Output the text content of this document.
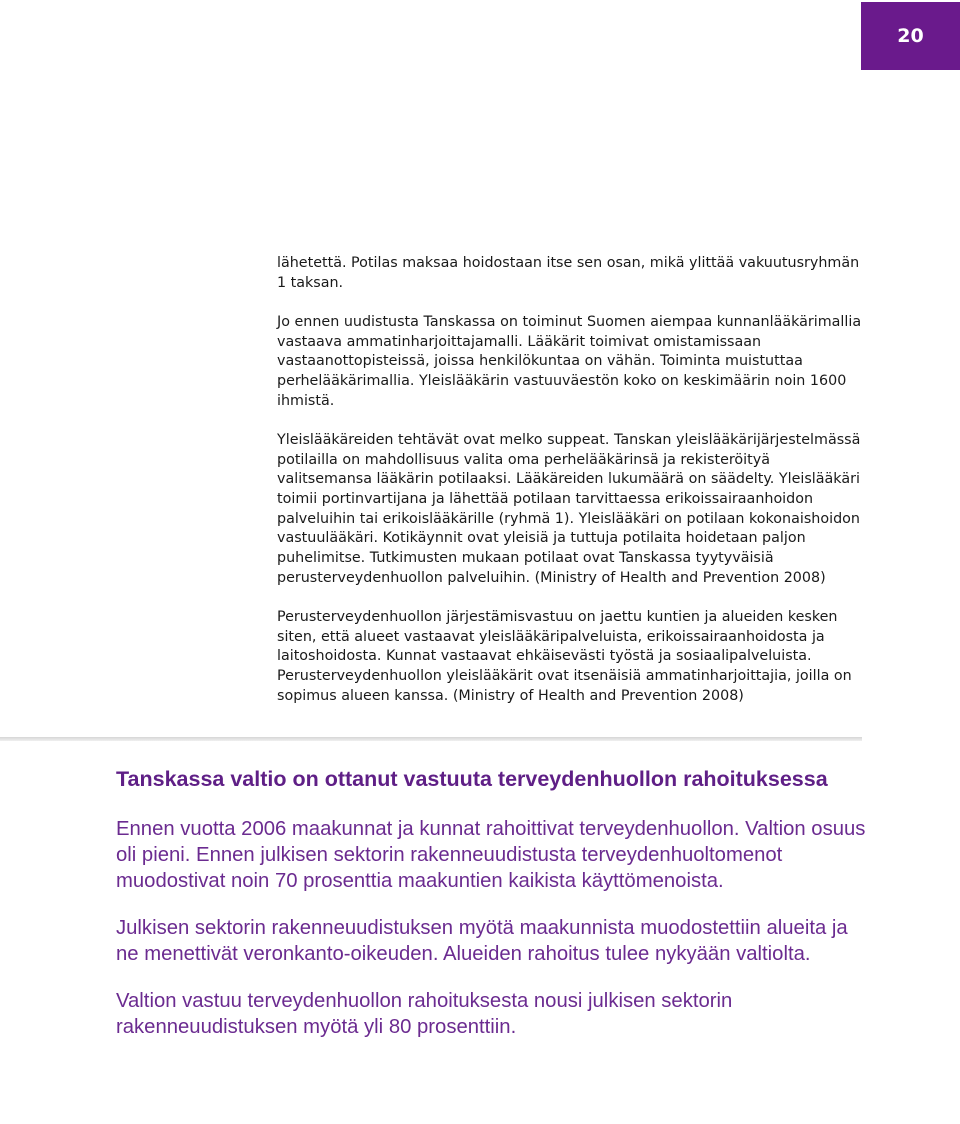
20

lähetettä. Potilas maksaa hoidostaan itse sen osan, mikä ylittää vakuutusryhmän 1 taksan.

Jo ennen uudistusta Tanskassa on toiminut Suomen aiempaa kunnanlääkärimallia vastaava ammatinharjoittajamalli. Lääkärit toimivat omistamissaan vastaanottopisteissä, joissa henkilökuntaa on vähän. Toiminta muistuttaa perhelääkärimallia. Yleislääkärin vastuuväestön koko on keskimäärin noin 1600 ihmistä.

Yleislääkäreiden tehtävät ovat melko suppeat. Tanskan yleislääkärijärjestelmässä potilailla on mahdollisuus valita oma perhelääkärinsä ja rekisteröityä valitsemansa lääkärin potilaaksi. Lääkäreiden lukumäärä on säädelty. Yleislääkäri toimii portinvartijana ja lähettää potilaan tarvittaessa erikoissairaanhoidon palveluihin tai erikoislääkärille (ryhmä 1). Yleislääkäri on potilaan kokonaishoidon vastuulääkäri. Kotikäynnit ovat yleisiä ja tuttuja potilaita hoidetaan paljon puhelimitse. Tutkimusten mukaan potilaat ovat Tanskassa tyytyväisiä perusterveydenhuollon palveluihin. (Ministry of Health and Prevention 2008)

Perusterveydenhuollon järjestämisvastuu on jaettu kuntien ja alueiden kesken siten, että alueet vastaavat yleislääkäripalveluista, erikoissairaanhoidosta ja laitoshoidosta. Kunnat vastaavat ehkäisevästi työstä ja sosiaalipalveluista. Perusterveydenhuollon yleislääkärit ovat itsenäisiä ammatinharjoittajia, joilla on sopimus alueen kanssa. (Ministry of Health and Prevention 2008)

Tanskassa valtio on ottanut vastuuta terveydenhuollon rahoituksessa

Ennen vuotta 2006 maakunnat ja kunnat rahoittivat terveydenhuollon. Valtion osuus oli pieni. Ennen julkisen sektorin rakenneuudistusta terveydenhuoltomenot muodostivat noin 70 prosenttia maakuntien kaikista käyttömenoista.

Julkisen sektorin rakenneuudistuksen myötä maakunnista muodostettiin alueita ja ne menettivät veronkanto-oikeuden. Alueiden rahoitus tulee nykyään valtiolta.

Valtion vastuu terveydenhuollon rahoituksesta nousi julkisen sektorin rakenneuudistuksen myötä yli 80 prosenttiin.
